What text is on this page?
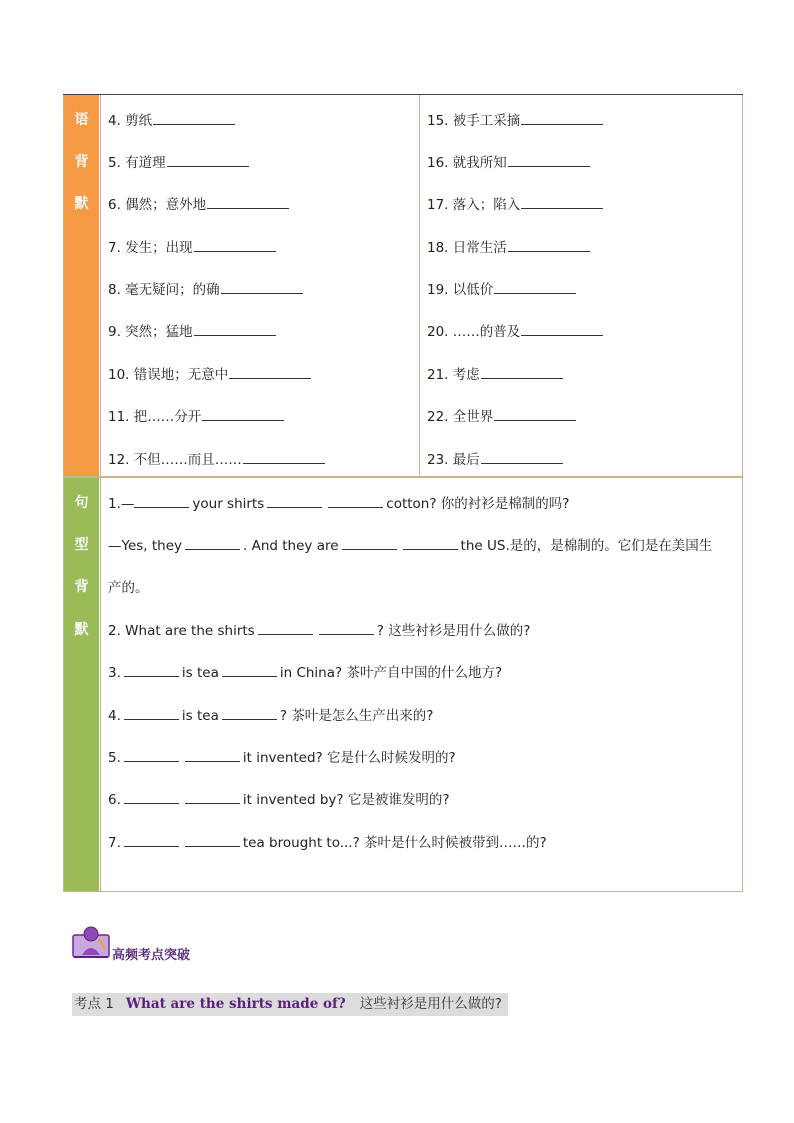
语
背
默
4. 剪纸
5. 有道理
6. 偶然；意外地
7. 发生；出现
8. 毫无疑问；的确
9. 突然；猛地
10. 错误地；无意中
11. 把……分开
12. 不但……而且……
15. 被手工采摘
16. 就我所知
17. 落入；陷入
18. 日常生活
19. 以低价
20. ……的普及
21. 考虑
22. 全世界
23. 最后
句
型
背
默
1.—	your shirts	cotton? 你的衬衫是棉制的吗?
—Yes, they	. And they are	the US.是的，是棉制的。它们是在美国生
产的。
2. What are the shirts	? 这些衬衫是用什么做的?
3.	is tea	in China? 茶叶产自中国的什么地方?
4.	is tea	? 茶叶是怎么生产出来的?
5.	it invented? 它是什么时候发明的?
6.	it invented by? 它是被谁发明的?
7.	tea brought to...? 茶叶是什么时候被带到……的?
高频考点突破
考点 1 What are the shirts made of? 这些衬衫是用什么做的?
